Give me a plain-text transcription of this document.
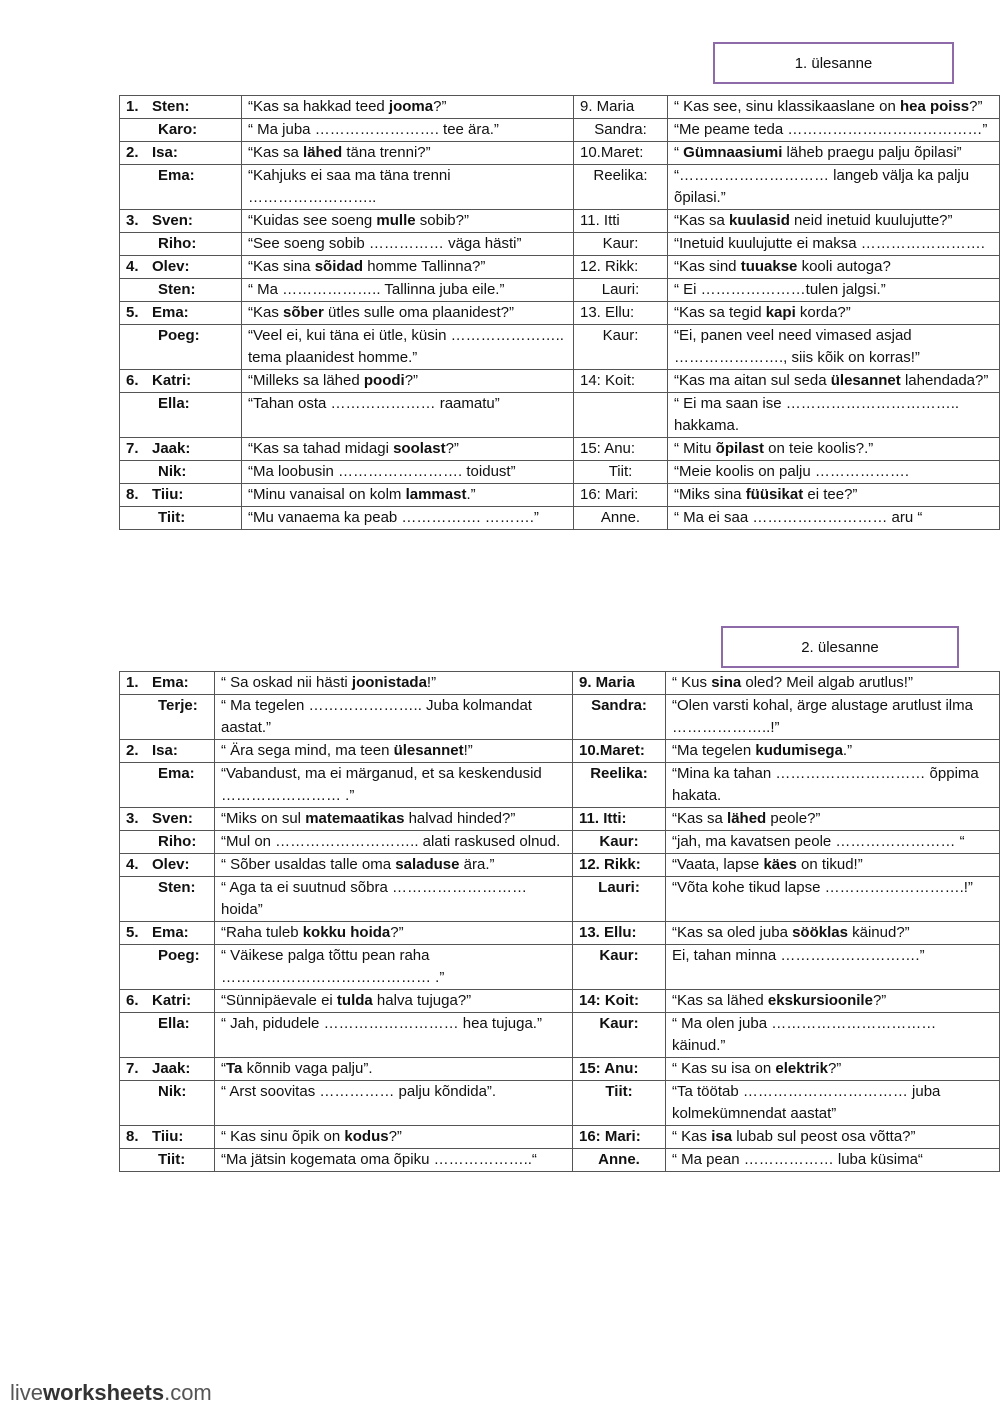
1. ülesanne
1. Sten:	“Kas sa hakkad teed jooma?”	9. Maria	“ Kas see, sinu klassikaaslane on hea poiss?”
Karo:	“ Ma juba ……………………. tee ära.”	Sandra:	“Me peame teda …………………………………”
2. Isa:	“Kas sa lähed täna trenni?”	10.Maret:	“ Gümnaasiumi läheb praegu palju õpilasi”
Ema:	“Kahjuks ei saa ma täna trenni ……………………..	Reelika:	“………………………… langeb välja ka palju õpilasi.”
3. Sven:	“Kuidas see soeng mulle sobib?”	11. Itti	“Kas sa kuulasid neid inetuid kuulujutte?”
Riho:	“See soeng sobib …………… väga hästi”	Kaur:	“Inetuid kuulujutte ei maksa …………………….
4. Olev:	“Kas sina sõidad homme Tallinna?”	12. Rikk:	“Kas sind tuuakse kooli autoga?
Sten:	“ Ma ……………….. Tallinna juba eile.”	Lauri:	“ Ei …………………tulen jalgsi.”
5. Ema:	“Kas sõber ütles sulle oma plaanidest?”	13. Ellu:	“Kas sa tegid kapi korda?”
Poeg:	“Veel ei, kui täna ei ütle, küsin ………………….. tema plaanidest homme.”	Kaur:	“Ei, panen veel need vimased asjad …………………., siis kõik on korras!”
6. Katri:	“Milleks sa lähed poodi?”	14: Koit:	“Kas ma aitan sul seda ülesannet lahendada?”
Ella:	“Tahan osta ………………… raamatu”		“ Ei ma saan ise …………………………….. hakkama.
7. Jaak:	“Kas sa tahad midagi soolast?”	15: Anu:	“ Mitu õpilast on teie koolis?.”
Nik:	“Ma loobusin ……………………. toidust”	Tiit:	“Meie koolis on palju ……………….
8. Tiiu:	“Minu vanaisal on kolm lammast.”	16: Mari:	“Miks sina füüsikat ei tee?”
Tiit:	“Mu vanaema ka peab ……………. ……….”	Anne.	“ Ma ei saa ……………………… aru “
2. ülesanne
1. Ema:	“ Sa oskad nii hästi joonistada!”	9. Maria	“ Kus sina oled? Meil algab arutlus!”
Terje:	“ Ma tegelen ………………….. Juba kolmandat aastat.”	Sandra:	“Olen varsti kohal, ärge alustage arutlust ilma ………………..!”
2. Isa:	“ Ära sega mind, ma teen ülesannet!”	10.Maret:	“Ma tegelen kudumisega.”
Ema:	“Vabandust, ma ei märganud, et sa keskendusid …………………… .”	Reelika:	“Mina ka tahan ………………………… õppima hakata.
3. Sven:	“Miks on sul matemaatikas halvad hinded?”	11. Itti:	“Kas sa lähed peole?”
Riho:	“Mul on ……………………….. alati raskused olnud.	Kaur:	“jah, ma kavatsen peole …………………… “
4. Olev:	“ Sõber usaldas talle oma saladuse ära.”	12. Rikk:	“Vaata, lapse käes on tikud!”
Sten:	“ Aga ta ei suutnud sõbra ……………………… hoida”	Lauri:	“Võta kohe tikud lapse ……………………….!”
5. Ema:	“Raha tuleb kokku hoida?”	13. Ellu:	“Kas sa oled juba sööklas käinud?”
Poeg:	“ Väikese palga tõttu pean raha …………………………………… .”	Kaur:	Ei, tahan minna ……………………….”
6. Katri:	“Sünnipäevale ei tulda halva tujuga?”	14: Koit:	“Kas sa lähed ekskursioonile?”
Ella:	“ Jah, pidudele ……………………… hea tujuga.”	Kaur:	“ Ma olen juba …………………………… käinud.”
7. Jaak:	“Ta kõnnib vaga palju”.	15: Anu:	“ Kas su isa on elektrik?”
Nik:	“ Arst soovitas …………… palju kõndida”.	Tiit:	“Ta töötab …………………………… juba kolmekümnendat aastat”
8. Tiiu:	“ Kas sinu õpik on kodus?”	16: Mari:	“ Kas isa lubab sul peost osa võtta?”
Tiit:	“Ma jätsin kogemata oma õpiku ………………..“	Anne.	“ Ma pean ……………… luba küsima“
liveworksheets.com
